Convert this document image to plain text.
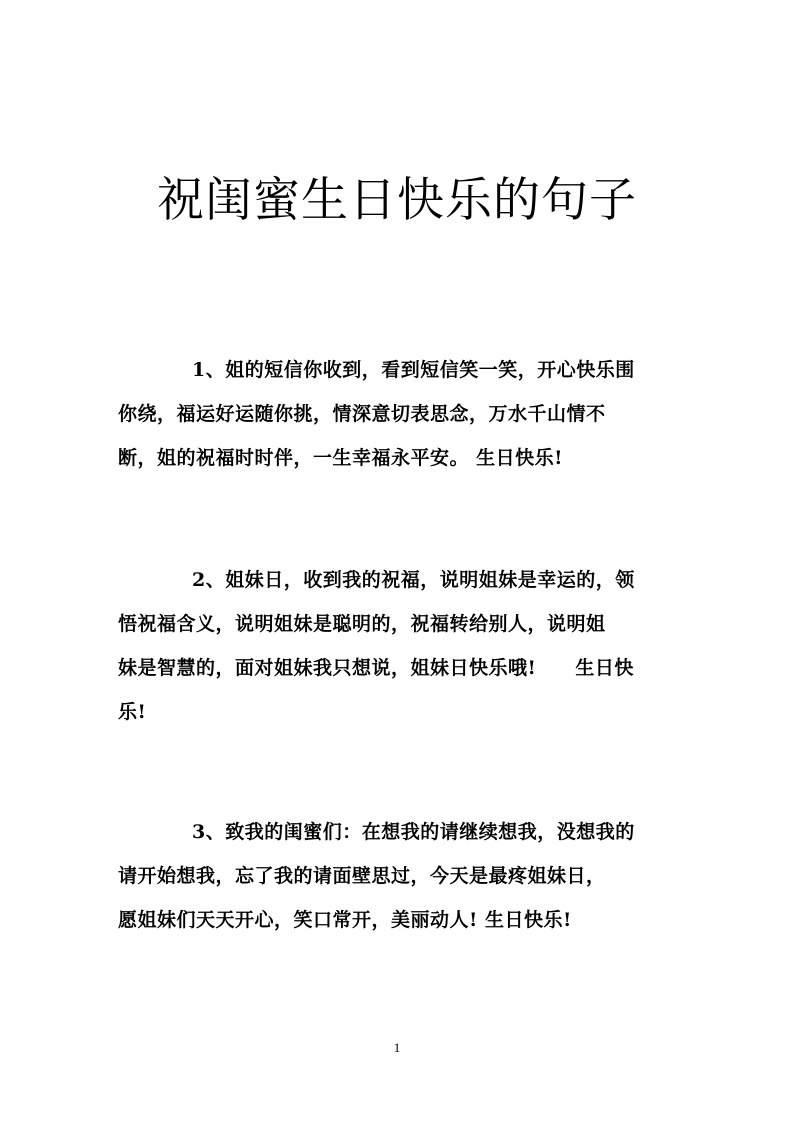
祝闺蜜生日快乐的句子
1、姐的短信你收到，看到短信笑一笑，开心快乐围
你绕，福运好运随你挑，情深意切表思念，万水千山情不
断，姐的祝福时时伴，一生幸福永平安。 生日快乐!
2、姐妹日，收到我的祝福，说明姐妹是幸运的，领
悟祝福含义，说明姐妹是聪明的，祝福转给别人，说明姐
妹是智慧的，面对姐妹我只想说，姐妹日快乐哦!　　生日快
乐!
3、致我的闺蜜们：在想我的请继续想我，没想我的
请开始想我，忘了我的请面壁思过，今天是最疼姐妹日，
愿姐妹们天天开心，笑口常开，美丽动人! 生日快乐!
1
